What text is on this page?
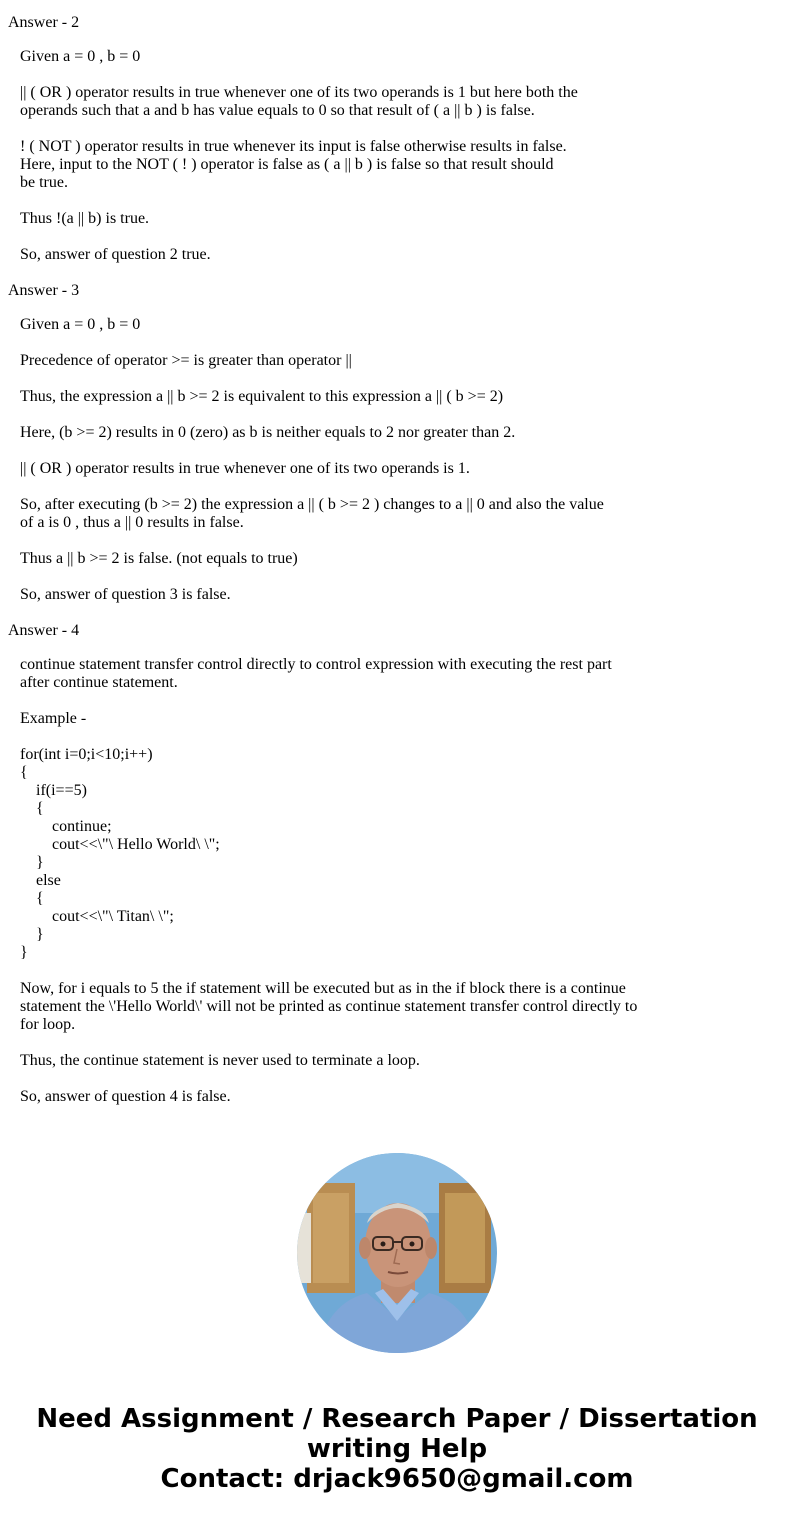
Answer - 2

Given a = 0 , b = 0

|| ( OR ) operator results in true whenever one of its two operands is 1 but here both the
operands such that a and b has value equals to 0 so that result of ( a || b ) is false.

! ( NOT ) operator results in true whenever its input is false otherwise results in false.
Here, input to the NOT ( ! ) operator is false as ( a || b ) is false so that result should
be true.

Thus !(a || b) is true.

So, answer of question 2 true.

Answer - 3

Given a = 0 , b = 0

Precedence of operator >= is greater than operator ||

Thus, the expression a || b >= 2 is equivalent to this expression a || ( b >= 2)

Here, (b >= 2) results in 0 (zero) as b is neither equals to 2 nor greater than 2.

|| ( OR ) operator results in true whenever one of its two operands is 1.

So, after executing (b >= 2) the expression a || ( b >= 2 ) changes to a || 0 and also the value
of a is 0 , thus a || 0 results in false.

Thus a || b >= 2 is false. (not equals to true)

So, answer of question 3 is false.

Answer - 4

continue statement transfer control directly to control expression with executing the rest part
after continue statement.

Example -

for(int i=0;i<10;i++)
{
if(i==5)
{
continue;
cout<<\"\ Hello World\ \";
}
else
{
cout<<\"\ Titan\ \";
}
}

Now, for i equals to 5 the if statement will be executed but as in the if block there is a continue
statement the \'Hello World\' will not be printed as continue statement transfer control directly to
for loop.

Thus, the continue statement is never used to terminate a loop.

So, answer of question 4 is false.

Need Assignment / Research Paper / Dissertation
writing Help
Contact: drjack9650@gmail.com
